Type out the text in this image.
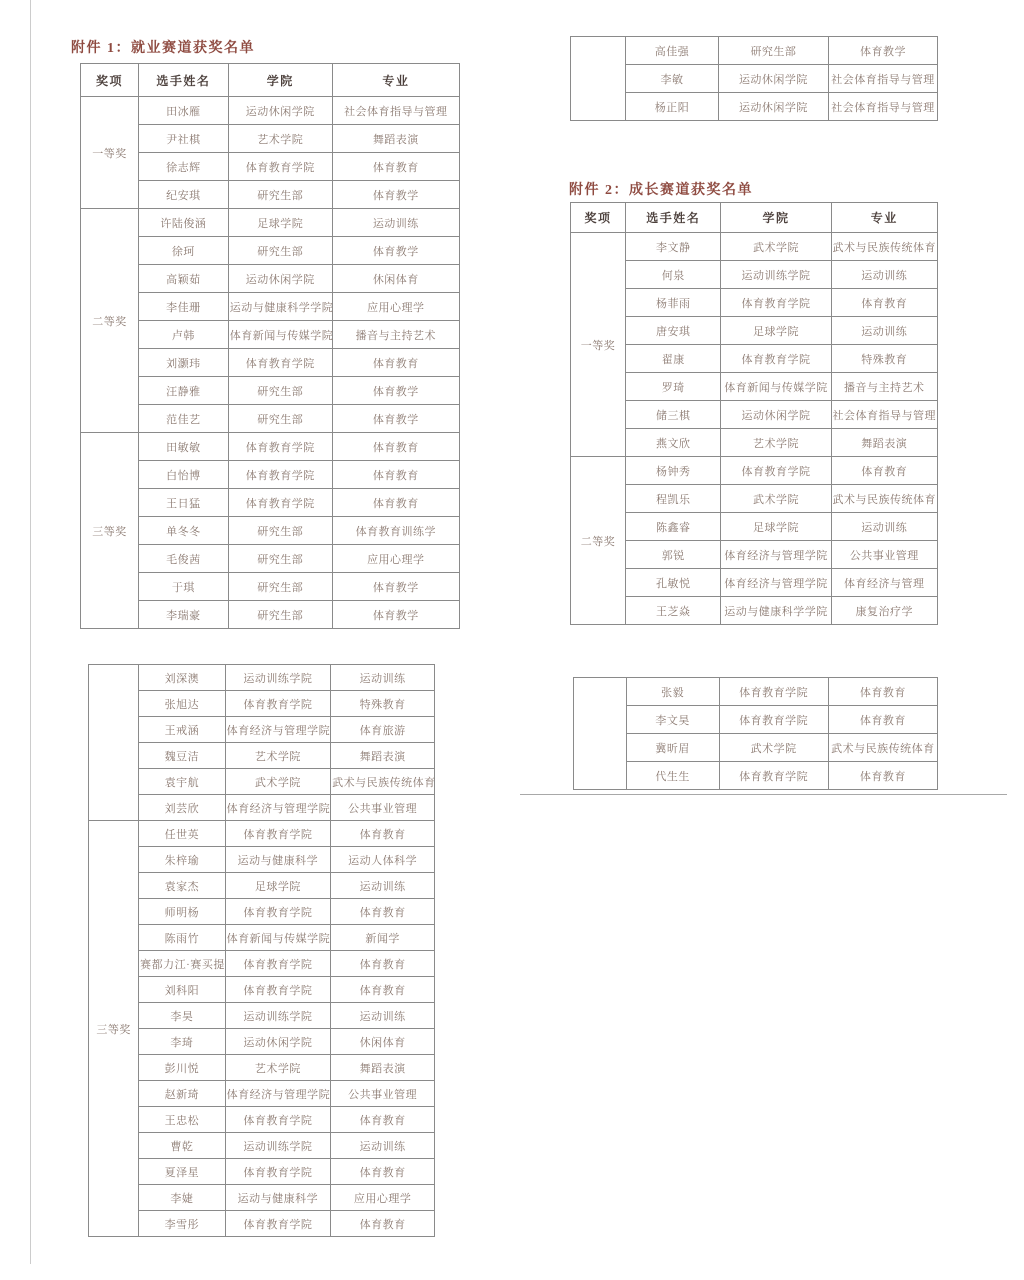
附件 1：就业赛道获奖名单
奖项	选手姓名	学院	专业
一等奖	田冰雁	运动休闲学院	社会体育指导与管理
	尹社棋	艺术学院	舞蹈表演
	徐志辉	体育教育学院	体育教育
	纪安琪	研究生部	体育教学
二等奖	许陆俊涵	足球学院	运动训练
	徐珂	研究生部	体育教学
	高颖茹	运动休闲学院	休闲体育
	李佳珊	运动与健康科学学院	应用心理学
	卢韩	体育新闻与传媒学院	播音与主持艺术
	刘灏玮	体育教育学院	体育教育
	汪静雅	研究生部	体育教学
	范佳艺	研究生部	体育教学
三等奖	田敏敏	体育教育学院	体育教育
	白怡博	体育教育学院	体育教育
	王日猛	体育教育学院	体育教育
	单冬冬	研究生部	体育教育训练学
	毛俊茜	研究生部	应用心理学
	于琪	研究生部	体育教学
	李瑞豪	研究生部	体育教学
	高佳强	研究生部	体育教学
	李敏	运动休闲学院	社会体育指导与管理
	杨正阳	运动休闲学院	社会体育指导与管理
附件 2：成长赛道获奖名单
奖项	选手姓名	学院	专业
一等奖	李文静	武术学院	武术与民族传统体育
	何泉	运动训练学院	运动训练
	杨菲雨	体育教育学院	体育教育
	唐安琪	足球学院	运动训练
	翟康	体育教育学院	特殊教育
	罗琦	体育新闻与传媒学院	播音与主持艺术
	储三棋	运动休闲学院	社会体育指导与管理
	燕文欣	艺术学院	舞蹈表演
二等奖	杨钟秀	体育教育学院	体育教育
	程凯乐	武术学院	武术与民族传统体育
	陈鑫睿	足球学院	运动训练
	郭锐	体育经济与管理学院	公共事业管理
	孔敏悦	体育经济与管理学院	体育经济与管理
	王芝焱	运动与健康科学学院	康复治疗学
	刘深澳	运动训练学院	运动训练
	张旭达	体育教育学院	特殊教育
	王戒涵	体育经济与管理学院	体育旅游
	魏豆洁	艺术学院	舞蹈表演
	袁宇航	武术学院	武术与民族传统体育
	刘芸欣	体育经济与管理学院	公共事业管理
三等奖	任世英	体育教育学院	体育教育
	朱梓瑜	运动与健康科学	运动人体科学
	袁家杰	足球学院	运动训练
	师明杨	体育教育学院	体育教育
	陈雨竹	体育新闻与传媒学院	新闻学
	赛都力江·赛买提	体育教育学院	体育教育
	刘科阳	体育教育学院	体育教育
	李昊	运动训练学院	运动训练
	李琦	运动休闲学院	休闲体育
	彭川悦	艺术学院	舞蹈表演
	赵新琦	体育经济与管理学院	公共事业管理
	王忠松	体育教育学院	体育教育
	曹乾	运动训练学院	运动训练
	夏泽星	体育教育学院	体育教育
	李婕	运动与健康科学	应用心理学
	李雪彤	体育教育学院	体育教育
	张毅	体育教育学院	体育教育
	李文昊	体育教育学院	体育教育
	冀昕眉	武术学院	武术与民族传统体育
	代生生	体育教育学院	体育教育
